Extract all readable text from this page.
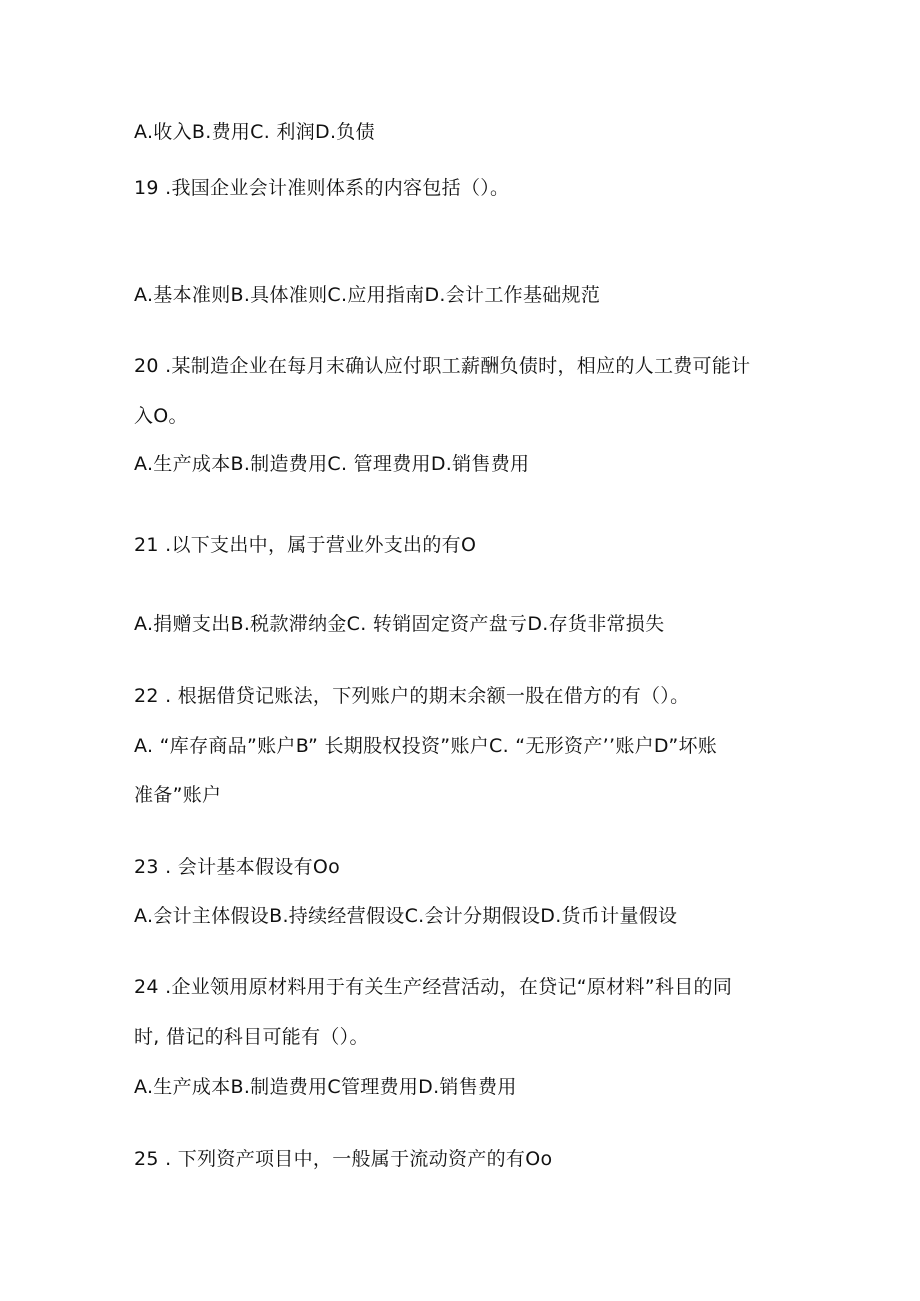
A.收入B.费用C. 利润D.负债
19 .我国企业会计准则体系的内容包括（）。
A.基本准则B.具体准则C.应用指南D.会计工作基础规范
20 .某制造企业在每月末确认应付职工薪酬负债时，相应的人工费可能计
入O。
A.生产成本B.制造费用C. 管理费用D.销售费用
21 .以下支出中，属于营业外支出的有O
A.捐赠支出B.税款滞纳金C. 转销固定资产盘亏D.存货非常损失
22 . 根据借贷记账法，下列账户的期末余额一股在借方的有（）。
A. “库存商品”账户B” 长期股权投资”账户C. “无形资产’’账户D”坏账
准备”账户
23 . 会计基本假设有Oo
A.会计主体假设B.持续经营假设C.会计分期假设D.货币计量假设
24 .企业领用原材料用于有关生产经营活动，在贷记“原材料”科目的同
时, 借记的科目可能有（）。
A.生产成本B.制造费用C管理费用D.销售费用
25 . 下列资产项目中，一般属于流动资产的有Oo
